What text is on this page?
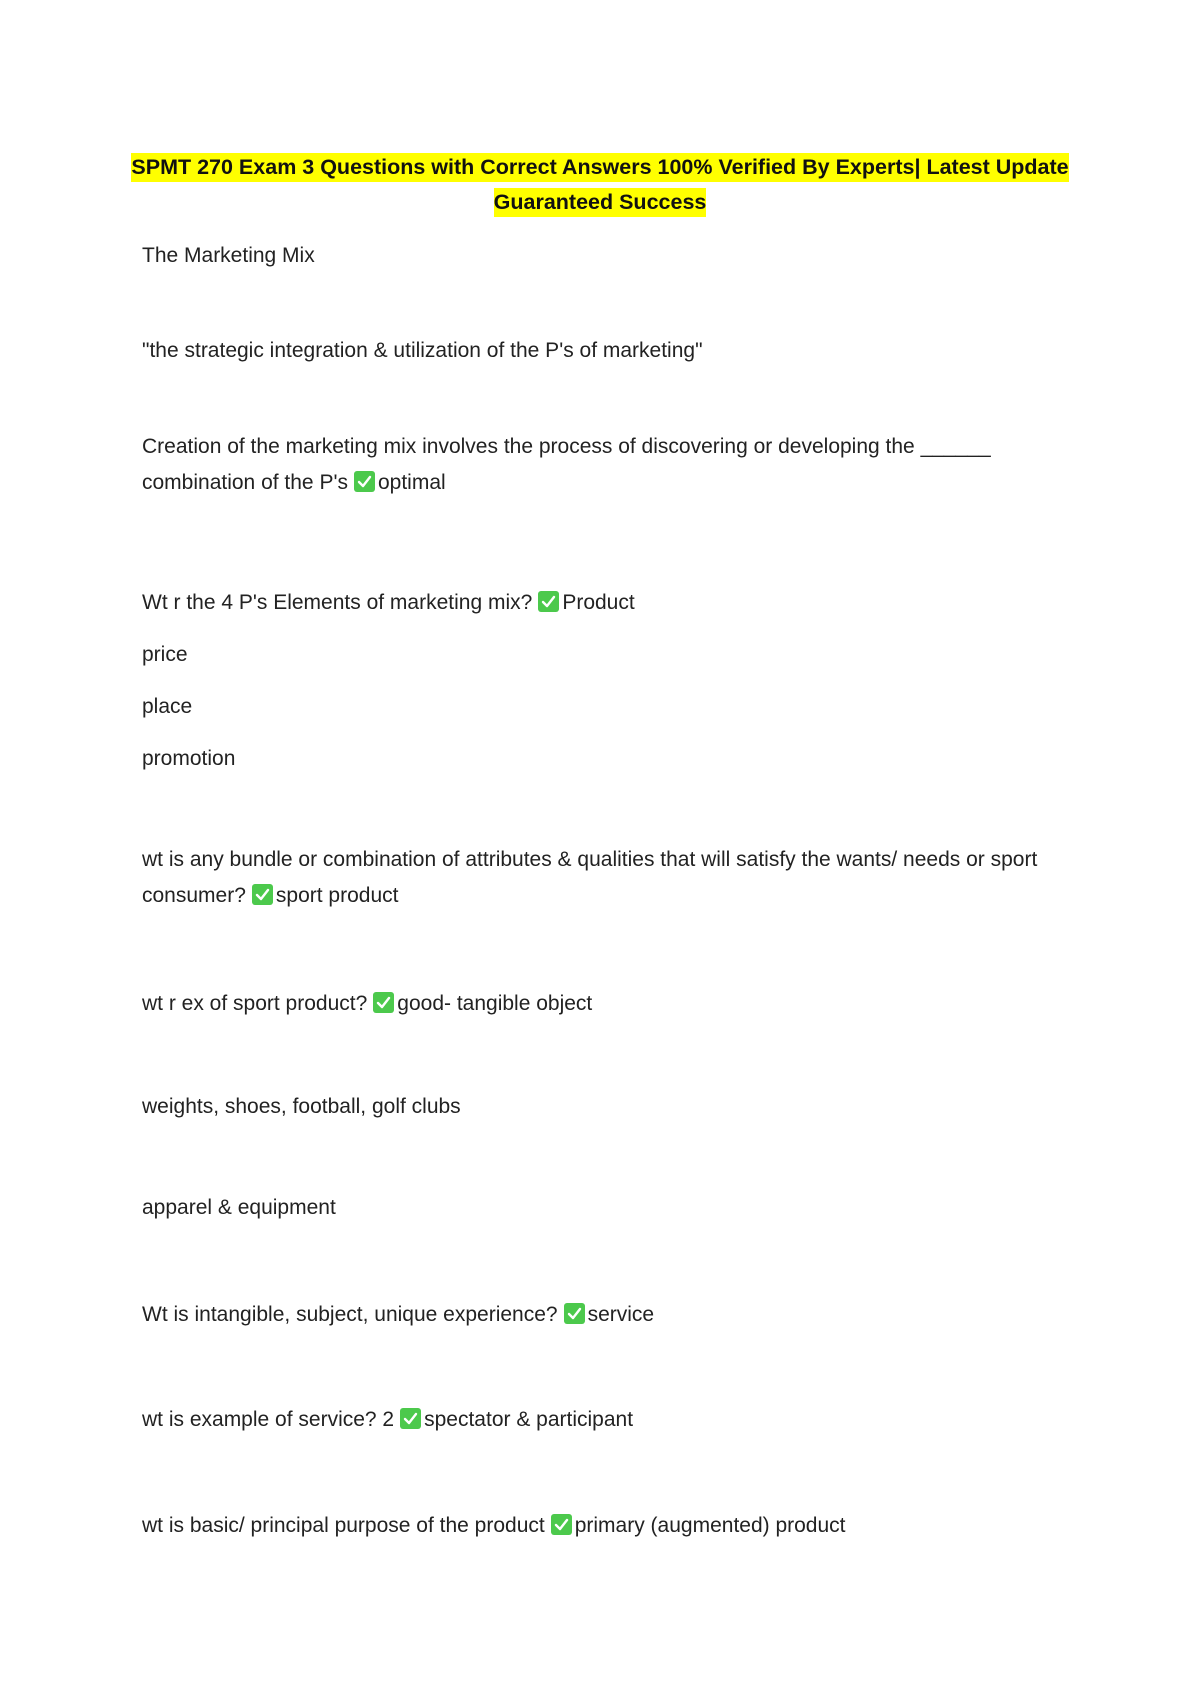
SPMT 270 Exam 3 Questions with Correct Answers 100% Verified By Experts| Latest Update
Guaranteed Success
The Marketing Mix
"the strategic integration & utilization of the P's of marketing"
Creation of the marketing mix involves the process of discovering or developing the ______ combination of the P's optimal
Wt r the 4 P's Elements of marketing mix? Product
price
place
promotion
wt is any bundle or combination of attributes & qualities that will satisfy the wants/ needs or sport consumer? sport product
wt r ex of sport product? good- tangible object
weights, shoes, football, golf clubs
apparel & equipment
Wt is intangible, subject, unique experience? service
wt is example of service? 2 spectator & participant
wt is basic/ principal purpose of the product primary (augmented) product
